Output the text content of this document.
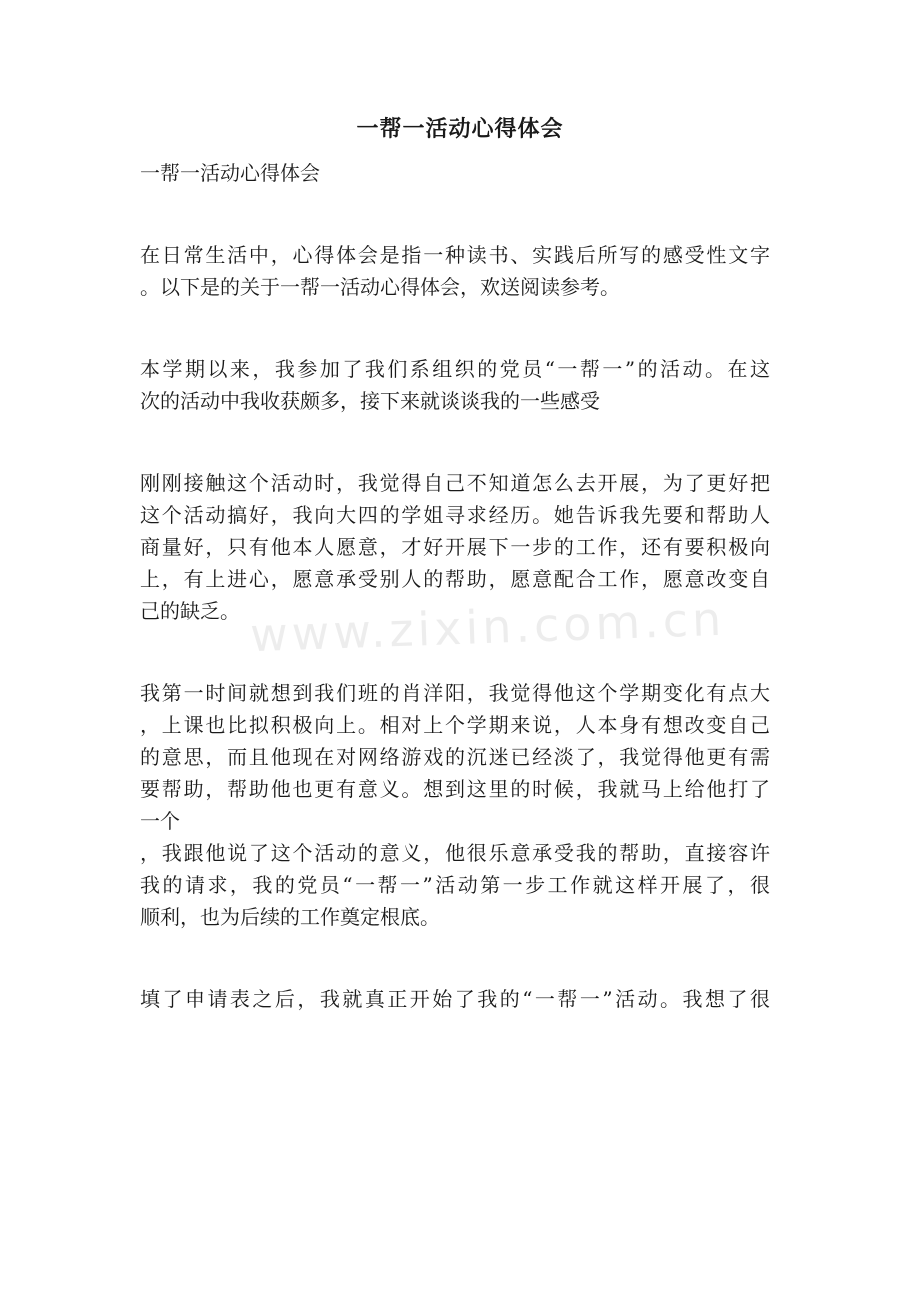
一帮一活动心得体会
一帮一活动心得体会
在日常生活中，心得体会是指一种读书、实践后所写的感受性文字
。以下是的关于一帮一活动心得体会，欢送阅读参考。
本学期以来，我参加了我们系组织的党员“一帮一”的活动。在这
次的活动中我收获颇多，接下来就谈谈我的一些感受
刚刚接触这个活动时，我觉得自己不知道怎么去开展，为了更好把
这个活动搞好，我向大四的学姐寻求经历。她告诉我先要和帮助人
商量好，只有他本人愿意，才好开展下一步的工作，还有要积极向
上，有上进心，愿意承受别人的帮助，愿意配合工作，愿意改变自
己的缺乏。
我第一时间就想到我们班的肖洋阳，我觉得他这个学期变化有点大
，上课也比拟积极向上。相对上个学期来说，人本身有想改变自己
的意思，而且他现在对网络游戏的沉迷已经淡了，我觉得他更有需
要帮助，帮助他也更有意义。想到这里的时候，我就马上给他打了
一个
，我跟他说了这个活动的意义，他很乐意承受我的帮助，直接容许
我的请求，我的党员“一帮一”活动第一步工作就这样开展了，很
顺利，也为后续的工作奠定根底。
填了申请表之后，我就真正开始了我的“一帮一”活动。我想了很
www.zixin.com.cn
